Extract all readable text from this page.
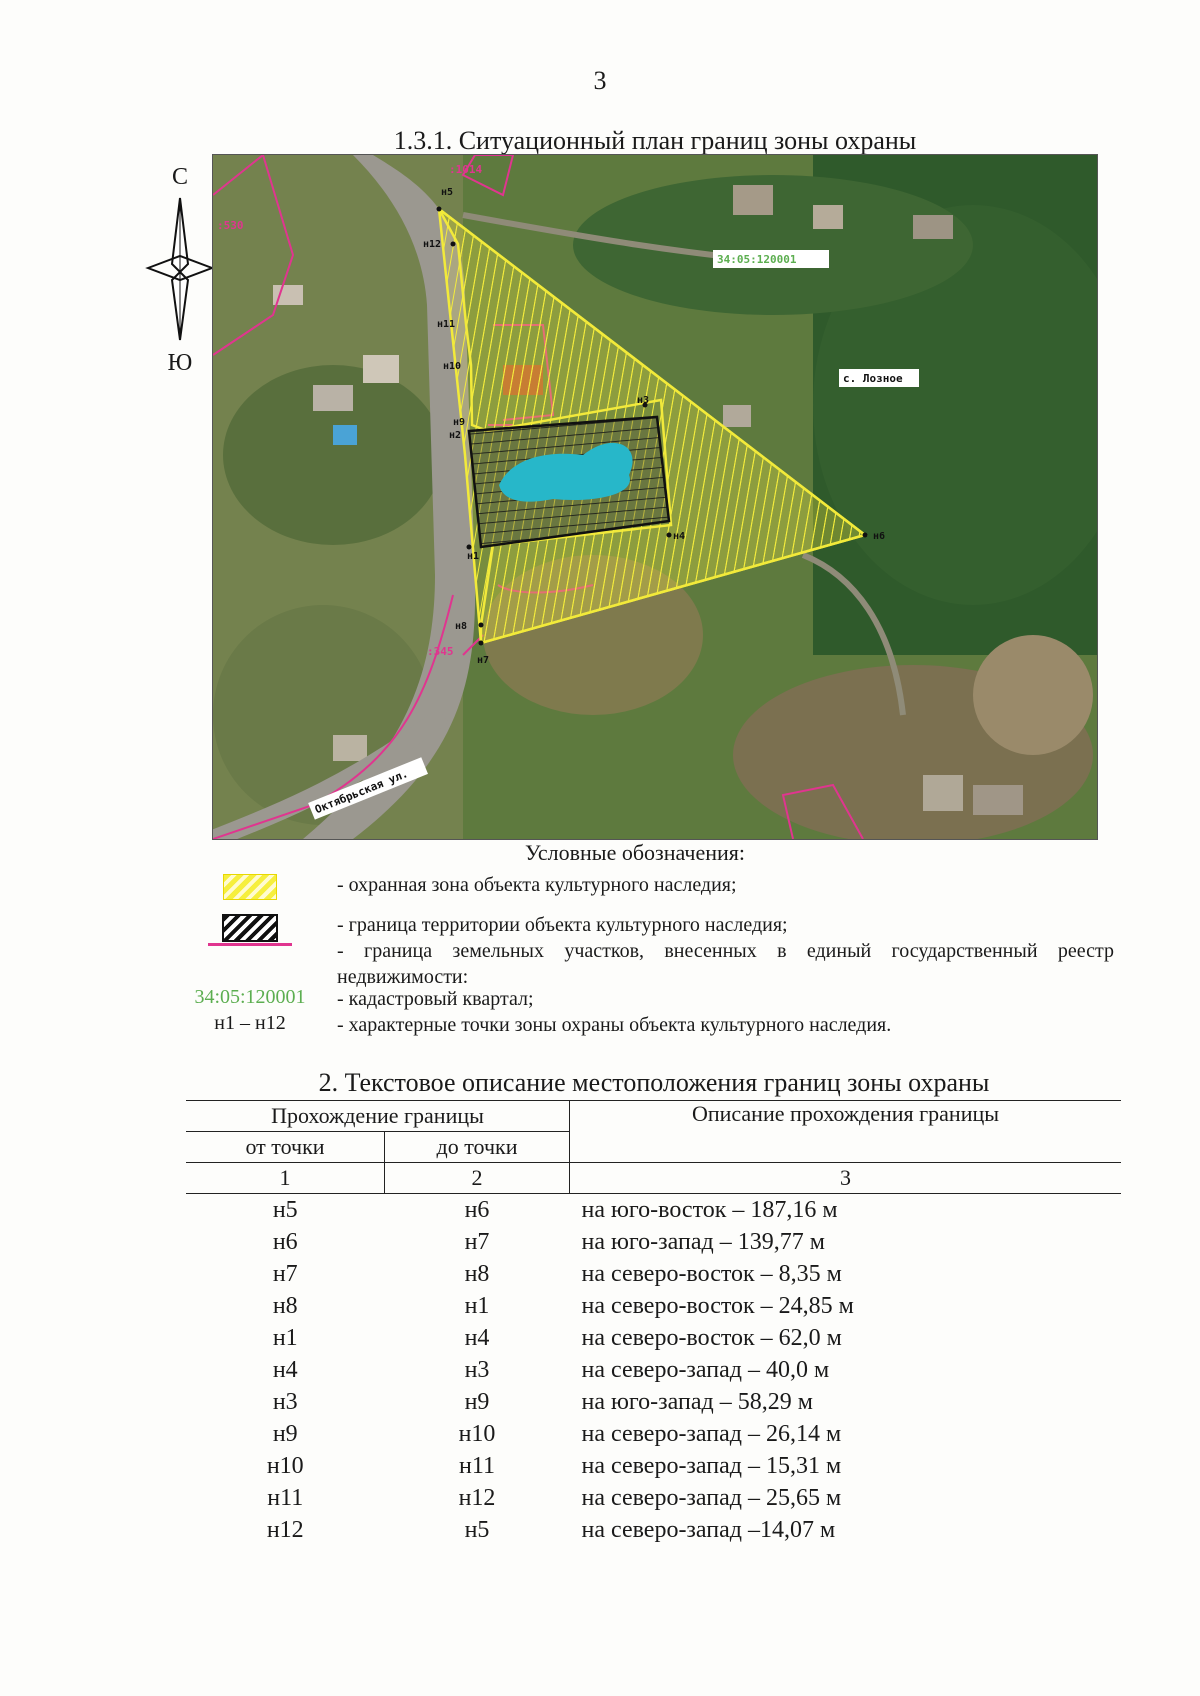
3
1.3.1. Ситуационный план границ зоны охраны
С
Ю
н5
н12
н11
н10
н9
н2
н1
н3
н4	н6
н8
н7
:1014
:530
:345
34:05:120001
с. Лозное
Октябрьская ул.
Условные обозначения:
- охранная зона объекта культурного наследия;
- граница территории объекта культурного наследия;
- граница земельных участков, внесенных в единый государственный реестр недвижимости:
34:05:120001	- кадастровый квартал;
н1 – н12	- характерные точки зоны охраны объекта культурного наследия.
2. Текстовое описание местоположения границ зоны охраны
Прохождение границы		Описание прохождения границы
от точки	до точки	
1	2	3
н5	н6	на юго-восток – 187,16 м
н6	н7	на юго-запад – 139,77 м
н7	н8	на северо-восток – 8,35 м
н8	н1	на северо-восток – 24,85 м
н1	н4	на северо-восток – 62,0 м
н4	н3	на северо-запад – 40,0 м
н3	н9	на юго-запад – 58,29 м
н9	н10	на северо-запад – 26,14 м
н10	н11	на северо-запад – 15,31 м
н11	н12	на северо-запад – 25,65 м
н12	н5	на северо-запад –14,07 м
